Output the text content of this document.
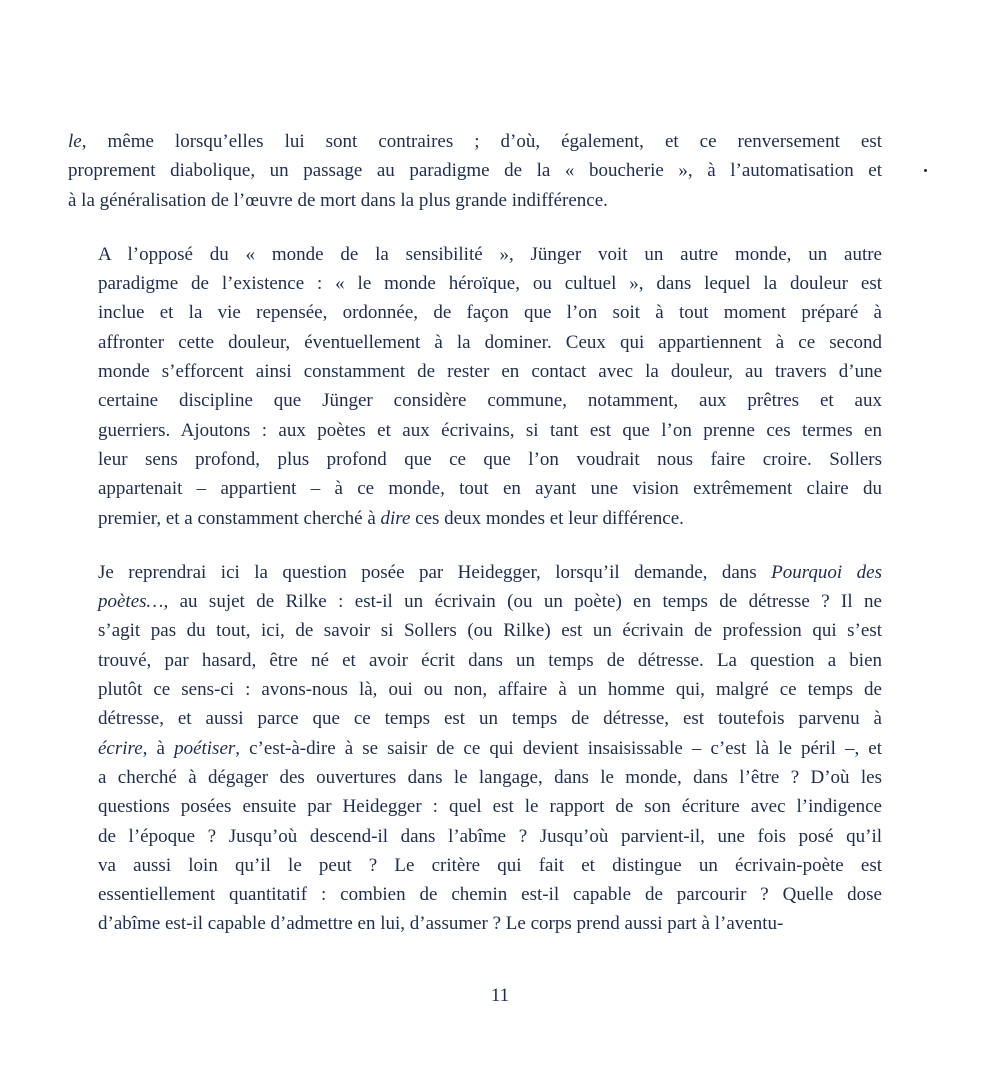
le, même lorsqu’elles lui sont contraires ; d’où, également, et ce renversement est
proprement diabolique, un passage au paradigme de la « boucherie », à l’automatisation et
à la généralisation de l’œuvre de mort dans la plus grande indifférence.

A l’opposé du « monde de la sensibilité », Jünger voit un autre monde, un autre
paradigme de l’existence : « le monde héroïque, ou cultuel », dans lequel la douleur est
inclue et la vie repensée, ordonnée, de façon que l’on soit à tout moment préparé à
affronter cette douleur, éventuellement à la dominer. Ceux qui appartiennent à ce second
monde s’efforcent ainsi constamment de rester en contact avec la douleur, au travers d’une
certaine discipline que Jünger considère commune, notamment, aux prêtres et aux
guerriers. Ajoutons : aux poètes et aux écrivains, si tant est que l’on prenne ces termes en
leur sens profond, plus profond que ce que l’on voudrait nous faire croire. Sollers
appartenait – appartient – à ce monde, tout en ayant une vision extrêmement claire du
premier, et a constamment cherché à dire ces deux mondes et leur différence.

Je reprendrai ici la question posée par Heidegger, lorsqu’il demande, dans Pourquoi des
poètes…, au sujet de Rilke : est-il un écrivain (ou un poète) en temps de détresse ? Il ne
s’agit pas du tout, ici, de savoir si Sollers (ou Rilke) est un écrivain de profession qui s’est
trouvé, par hasard, être né et avoir écrit dans un temps de détresse. La question a bien
plutôt ce sens-ci : avons-nous là, oui ou non, affaire à un homme qui, malgré ce temps de
détresse, et aussi parce que ce temps est un temps de détresse, est toutefois parvenu à
écrire, à poétiser, c’est-à-dire à se saisir de ce qui devient insaisissable – c’est là le péril –, et
a cherché à dégager des ouvertures dans le langage, dans le monde, dans l’être ? D’où les
questions posées ensuite par Heidegger : quel est le rapport de son écriture avec l’indigence
de l’époque ? Jusqu’où descend-il dans l’abîme ? Jusqu’où parvient-il, une fois posé qu’il
va aussi loin qu’il le peut ? Le critère qui fait et distingue un écrivain-poète est
essentiellement quantitatif : combien de chemin est-il capable de parcourir ? Quelle dose
d’abîme est-il capable d’admettre en lui, d’assumer ? Le corps prend aussi part à l’aventu-

11
